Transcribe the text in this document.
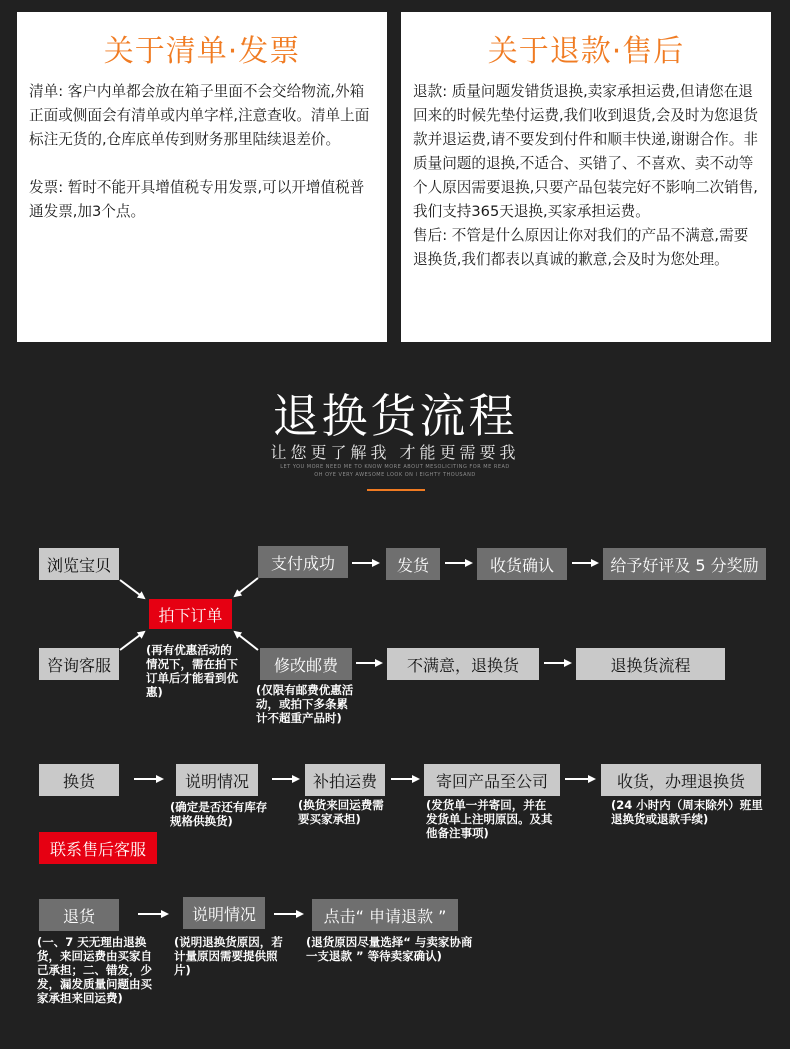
关于清单·发票

清单: 客户内单都会放在箱子里面不会交给物流,外箱正面或侧面会有清单或内单字样,注意查收。清单上面标注无货的,仓库底单传到财务那里陆续退差价。

发票: 暂时不能开具增值税专用发票,可以开增值税普通发票,加3个点。

关于退款·售后

退款: 质量问题发错货退换,卖家承担运费,但请您在退回来的时候先垫付运费,我们收到退货,会及时为您退货款并退运费,请不要发到付件和顺丰快递,谢谢合作。非质量问题的退换,不适合、买错了、不喜欢、卖不动等个人原因需要退换,只要产品包装完好不影响二次销售,我们支持365天退换,买家承担运费。

售后: 不管是什么原因让你对我们的产品不满意,需要退换货,我们都表以真诚的歉意,会及时为您处理。

退换货流程
让您更了解我 才能更需要我
LET YOU MORE NEED ME TO KNOW MORE ABOUT MESOLICITING FOR ME READ
OH OYE VERY AWESOME LOOK ON I EIGHTY THOUSAND
浏览宝贝	支付成功	发货	收货确认	给予好评及 5 分奖励
拍下订单
咨询客服
(再有优惠活动的情况下，需在拍下订单后才能看到优惠)
修改邮费
(仅限有邮费优惠活动，或拍下多条累计不超重产品时)
不满意，退换货	退换货流程
换货	说明情况	补拍运费	寄回产品至公司	收货，办理退换货
(确定是否还有库存规格供换货)
(换货来回运费需要买家承担)
(发货单一并寄回，并在发货单上注明原因。及其他备注事项)
(24 小时内（周末除外）班里退换货或退款手续)
联系售后客服
退货	说明情况	点击“ 申请退款 ”
(一、7 天无理由退换货，来回运费由买家自己承担；二、错发，少发，漏发质量问题由买家承担来回运费)
(说明退换货原因，若计量原因需要提供照片)
(退货原因尽量选择“ 与卖家协商一支退款 ” 等待卖家确认)
